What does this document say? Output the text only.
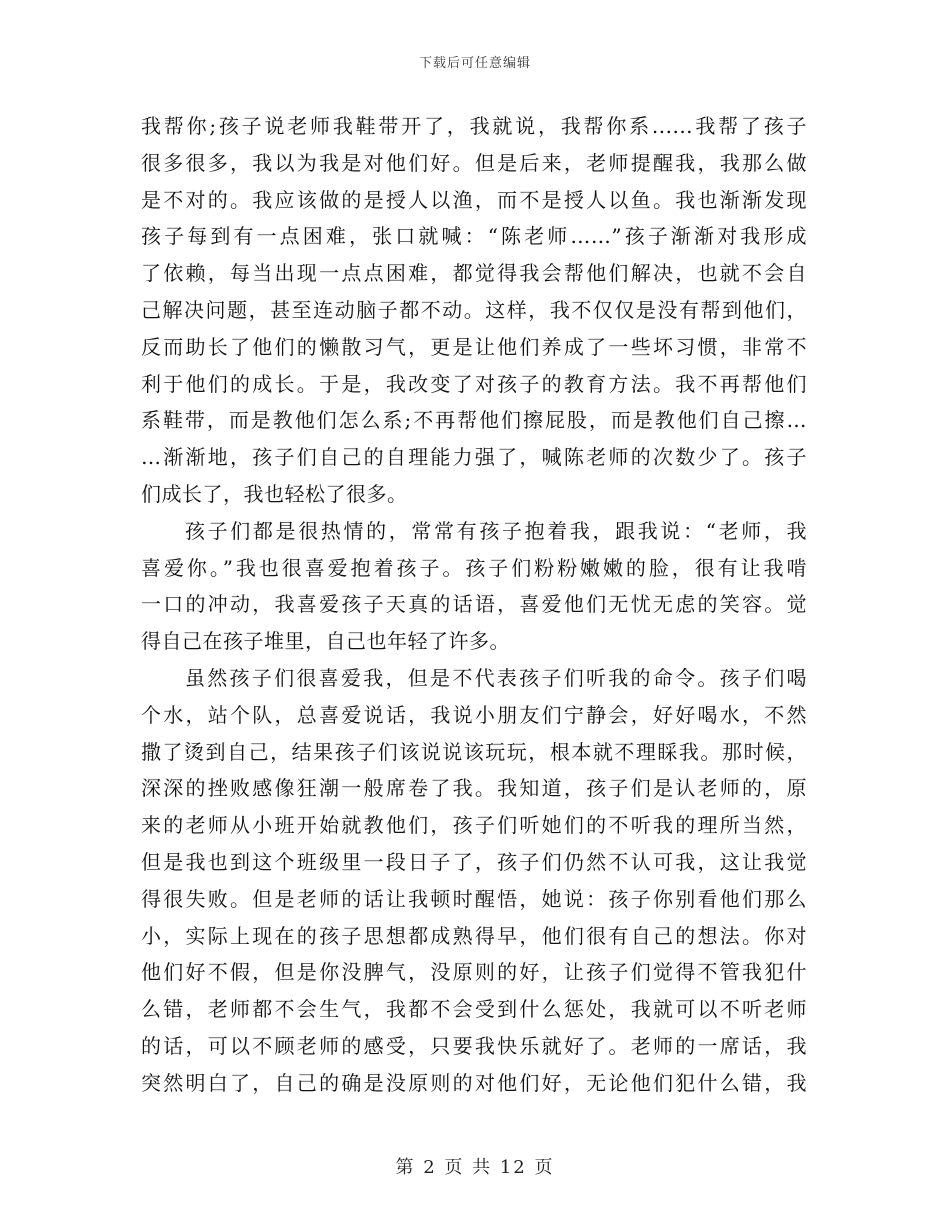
下载后可任意编辑
我帮你;孩子说老师我鞋带开了，我就说，我帮你系......我帮了孩子
很多很多，我以为我是对他们好。但是后来，老师提醒我，我那么做
是不对的。我应该做的是授人以渔，而不是授人以鱼。我也渐渐发现
孩子每到有一点困难，张口就喊：“陈老师……”孩子渐渐对我形成
了依赖，每当出现一点点困难，都觉得我会帮他们解决，也就不会自
己解决问题，甚至连动脑子都不动。这样，我不仅仅是没有帮到他们，
反而助长了他们的懒散习气，更是让他们养成了一些坏习惯，非常不
利于他们的成长。于是，我改变了对孩子的教育方法。我不再帮他们
系鞋带，而是教他们怎么系;不再帮他们擦屁股，而是教他们自己擦…
…渐渐地，孩子们自己的自理能力强了，喊陈老师的次数少了。孩子
们成长了，我也轻松了很多。
孩子们都是很热情的，常常有孩子抱着我，跟我说：“老师，我
喜爱你。”我也很喜爱抱着孩子。孩子们粉粉嫩嫩的脸，很有让我啃
一口的冲动，我喜爱孩子天真的话语，喜爱他们无忧无虑的笑容。觉
得自己在孩子堆里，自己也年轻了许多。
虽然孩子们很喜爱我，但是不代表孩子们听我的命令。孩子们喝
个水，站个队，总喜爱说话，我说小朋友们宁静会，好好喝水，不然
撒了烫到自己，结果孩子们该说说该玩玩，根本就不理睬我。那时候，
深深的挫败感像狂潮一般席卷了我。我知道，孩子们是认老师的，原
来的老师从小班开始就教他们，孩子们听她们的不听我的理所当然，
但是我也到这个班级里一段日子了，孩子们仍然不认可我，这让我觉
得很失败。但是老师的话让我顿时醒悟，她说：孩子你别看他们那么
小，实际上现在的孩子思想都成熟得早，他们很有自己的想法。你对
他们好不假，但是你没脾气，没原则的好，让孩子们觉得不管我犯什
么错，老师都不会生气，我都不会受到什么惩处，我就可以不听老师
的话，可以不顾老师的感受，只要我快乐就好了。老师的一席话，我
突然明白了，自己的确是没原则的对他们好，无论他们犯什么错，我
第 2 页 共 12 页
